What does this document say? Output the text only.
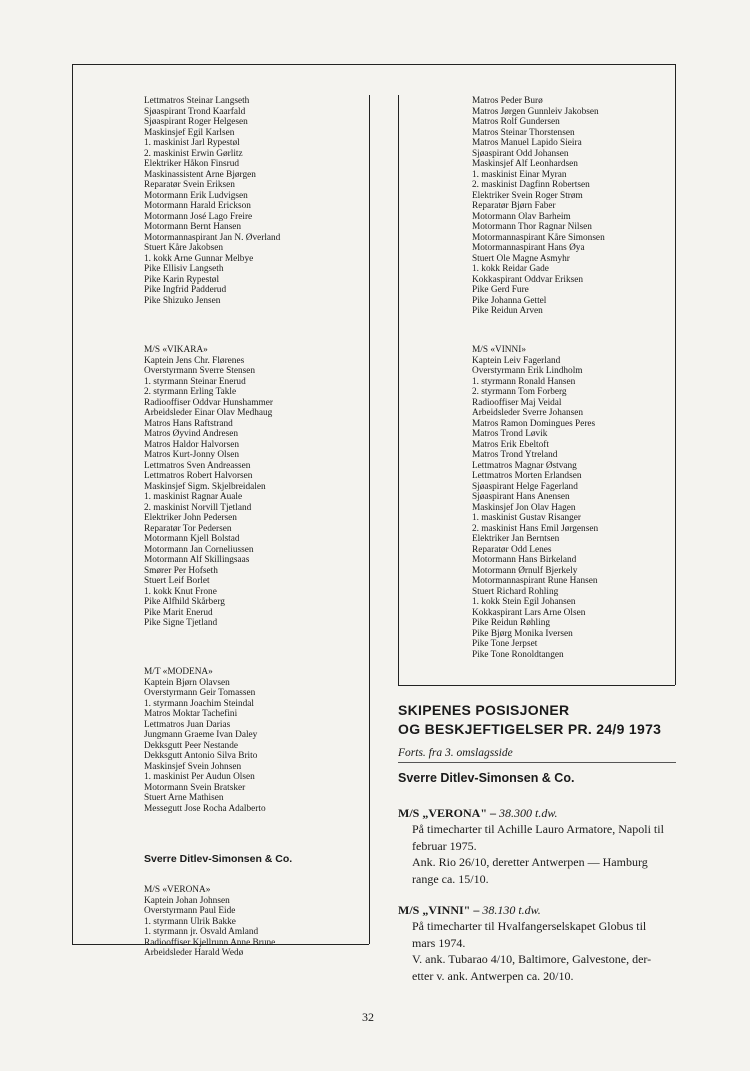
Lettmatros Steinar Langseth
Sjøaspirant Trond Kaarfald
Sjøaspirant Roger Helgesen
Maskinsjef Egil Karlsen
1. maskinist Jarl Rypestøl
2. maskinist Erwin Gørlitz
Elektriker Håkon Finsrud
Maskinassistent Arne Bjørgen
Reparatør Svein Eriksen
Motormann Erik Ludvigsen
Motormann Harald Erickson
Motormann José Lago Freire
Motormann Bernt Hansen
Motormannaspirant Jan N. Øverland
Stuert Kåre Jakobsen
1. kokk Arne Gunnar Melbye
Pike Ellisiv Langseth
Pike Karin Rypestøl
Pike Ingfrid Padderud
Pike Shizuko Jensen
M/S «VIKARA»
Kaptein Jens Chr. Flørenes
Overstyrmann Sverre Stensen
1. styrmann Steinar Enerud
2. styrmann Erling Takle
Radiooffiser Oddvar Hunshammer
Arbeidsleder Einar Olav Medhaug
Matros Hans Raftstrand
Matros Øyvind Andresen
Matros Haldor Halvorsen
Matros Kurt-Jonny Olsen
Lettmatros Sven Andreassen
Lettmatros Robert Halvorsen
Maskinsjef Sigm. Skjelbreidalen
1. maskinist Ragnar Auale
2. maskinist Norvill Tjetland
Elektriker John Pedersen
Reparatør Tor Pedersen
Motormann Kjell Bolstad
Motormann Jan Corneliussen
Motormann Alf Skillingsaas
Smører Per Hofseth
Stuert Leif Borlet
1. kokk Knut Frone
Pike Alfhild Skårberg
Pike Marit Enerud
Pike Signe Tjetland
M/T «MODENA»
Kaptein Bjørn Olavsen
Overstyrmann Geir Tomassen
1. styrmann Joachim Steindal
Matros Moktar Tachefini
Lettmatros Juan Darias
Jungmann Graeme Ivan Daley
Dekksgutt Peer Nestande
Dekksgutt Antonio Silva Brito
Maskinsjef Svein Johnsen
1. maskinist Per Audun Olsen
Motormann Svein Bratsker
Stuert Arne Mathisen
Messegutt Jose Rocha Adalberto
Sverre Ditlev-Simonsen & Co.
M/S «VERONA»
Kaptein Johan Johnsen
Overstyrmann Paul Eide
1. styrmann Ulrik Bakke
1. styrmann jr. Osvald Amland
Radiooffiser Kjellrunn Anne Brune
Arbeidsleder Harald Wedø
Matros Peder Burø
Matros Jørgen Gunnleiv Jakobsen
Matros Rolf Gundersen
Matros Steinar Thorstensen
Matros Manuel Lapido Sieira
Sjøaspirant Odd Johansen
Maskinsjef Alf Leonhardsen
1. maskinist Einar Myran
2. maskinist Dagfinn Robertsen
Elektriker Svein Roger Strøm
Reparatør Bjørn Faber
Motormann Olav Barheim
Motormann Thor Ragnar Nilsen
Motormannaspirant Kåre Simonsen
Motormannaspirant Hans Øya
Stuert Ole Magne Asmyhr
1. kokk Reidar Gade
Kokkaspirant Oddvar Eriksen
Pike Gerd Fure
Pike Johanna Gettel
Pike Reidun Arven
M/S «VINNI»
Kaptein Leiv Fagerland
Overstyrmann Erik Lindholm
1. styrmann Ronald Hansen
2. styrmann Tom Forberg
Radiooffiser Maj Veidal
Arbeidsleder Sverre Johansen
Matros Ramon Domingues Peres
Matros Trond Løvik
Matros Erik Ebeltoft
Matros Trond Ytreland
Lettmatros Magnar Østvang
Lettmatros Morten Erlandsen
Sjøaspirant Helge Fagerland
Sjøaspirant Hans Anensen
Maskinsjef Jon Olav Hagen
1. maskinist Gustav Risanger
2. maskinist Hans Emil Jørgensen
Elektriker Jan Berntsen
Reparatør Odd Lenes
Motormann Hans Birkeland
Motormann Ørnulf Bjerkely
Motormannaspirant Rune Hansen
Stuert Richard Rohling
1. kokk Stein Egil Johansen
Kokkaspirant Lars Arne Olsen
Pike Reidun Røhling
Pike Bjørg Monika Iversen
Pike Tone Jerpset
Pike Tone Ronoldtangen
SKIPENES POSISJONER
OG BESKJEFTIGELSER PR. 24/9 1973
Forts. fra 3. omslagsside
Sverre Ditlev-Simonsen & Co.
M/S „VERONA" – 38.300 t.dw.
På timecharter til Achille Lauro Armatore, Napoli til
februar 1975.
Ank. Rio 26/10, deretter Antwerpen — Hamburg
range ca. 15/10.
M/S „VINNI" – 38.130 t.dw.
På timecharter til Hvalfangerselskapet Globus til
mars 1974.
V. ank. Tubarao 4/10, Baltimore, Galvestone, der-
etter v. ank. Antwerpen ca. 20/10.
32
